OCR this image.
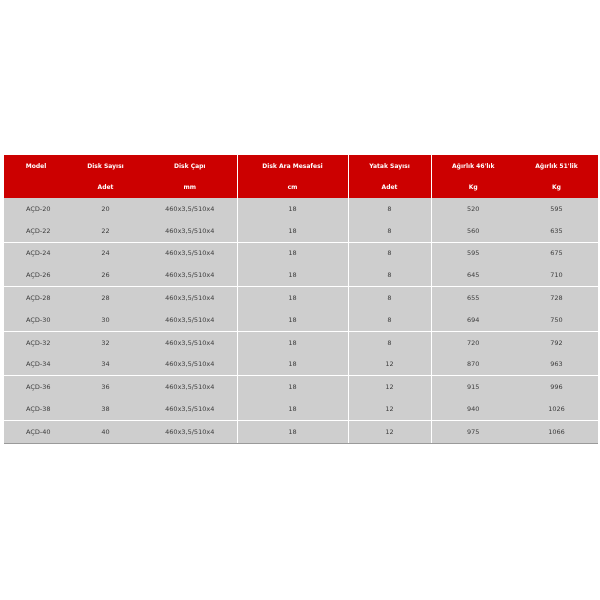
Model	Disk Sayısı	Disk Çapı	Disk Ara Mesafesi	Yatak Sayısı	Ağırlık 46'lık	Ağırlık 51'lik
	Adet	mm	cm	Adet	Kg	Kg
AÇD-20	20	460x3,5/510x4	18	8	520	595
AÇD-22	22	460x3,5/510x4	18	8	560	635
AÇD-24	24	460x3,5/510x4	18	8	595	675
AÇD-26	26	460x3,5/510x4	18	8	645	710
AÇD-28	28	460x3,5/510x4	18	8	655	728
AÇD-30	30	460x3,5/510x4	18	8	694	750
AÇD-32	32	460x3,5/510x4	18	8	720	792
AÇD-34	34	460x3,5/510x4	18	12	870	963
AÇD-36	36	460x3,5/510x4	18	12	915	996
AÇD-38	38	460x3,5/510x4	18	12	940	1026
AÇD-40	40	460x3,5/510x4	18	12	975	1066
